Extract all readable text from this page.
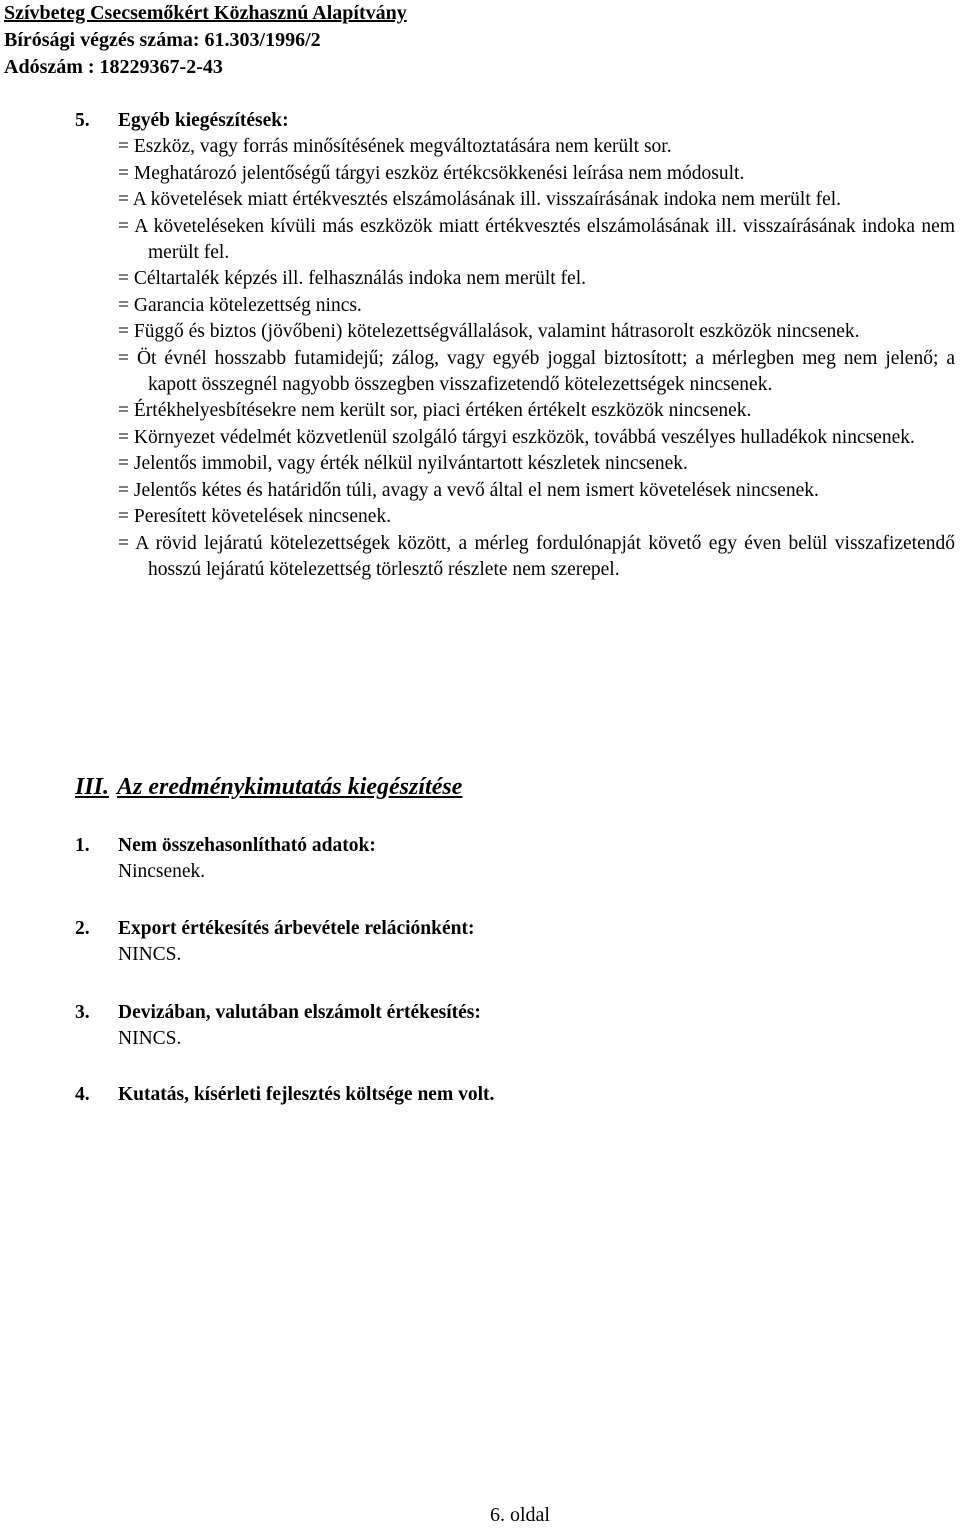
Szívbeteg Csecsemőkért Közhasznú Alapítvány
Bírósági végzés száma: 61.303/1996/2
Adószám : 18229367-2-43
5.	Egyéb kiegészítések:

= Eszköz, vagy forrás minősítésének megváltoztatására nem került sor.

= Meghatározó jelentőségű tárgyi eszköz értékcsökkenési leírása nem módosult.

= A követelések miatt értékvesztés elszámolásának ill. visszaírásának indoka nem merült fel.

= A követeléseken kívüli más eszközök miatt értékvesztés elszámolásának ill. visszaírásának indoka nem merült fel.

= Céltartalék képzés ill. felhasználás indoka nem merült fel.

= Garancia kötelezettség nincs.

= Függő és biztos (jövőbeni) kötelezettségvállalások, valamint hátrasorolt eszközök nincsenek.

= Öt évnél hosszabb futamidejű; zálog, vagy egyéb joggal biztosított; a mérlegben meg nem jelenő; a kapott összegnél nagyobb összegben visszafizetendő kötelezettségek nincsenek.

= Értékhelyesbítésekre nem került sor, piaci értéken értékelt eszközök nincsenek.

= Környezet védelmét közvetlenül szolgáló tárgyi eszközök, továbbá veszélyes hulladékok nincsenek.

= Jelentős immobil, vagy érték nélkül nyilvántartott készletek nincsenek.

= Jelentős kétes és határidőn túli, avagy a vevő által el nem ismert követelések nincsenek.

= Peresített követelések nincsenek.

= A rövid lejáratú kötelezettségek között, a mérleg fordulónapját követő egy éven belül visszafizetendő hosszú lejáratú kötelezettség törlesztő részlete nem szerepel.

III. Az eredménykimutatás kiegészítése
1.	Nem összehasonlítható adatok:
Nincsenek.
2.	Export értékesítés árbevétele relációnként:
NINCS.
3.	Devizában, valutában elszámolt értékesítés:
NINCS.
4.	Kutatás, kísérleti fejlesztés költsége nem volt.
6. oldal
